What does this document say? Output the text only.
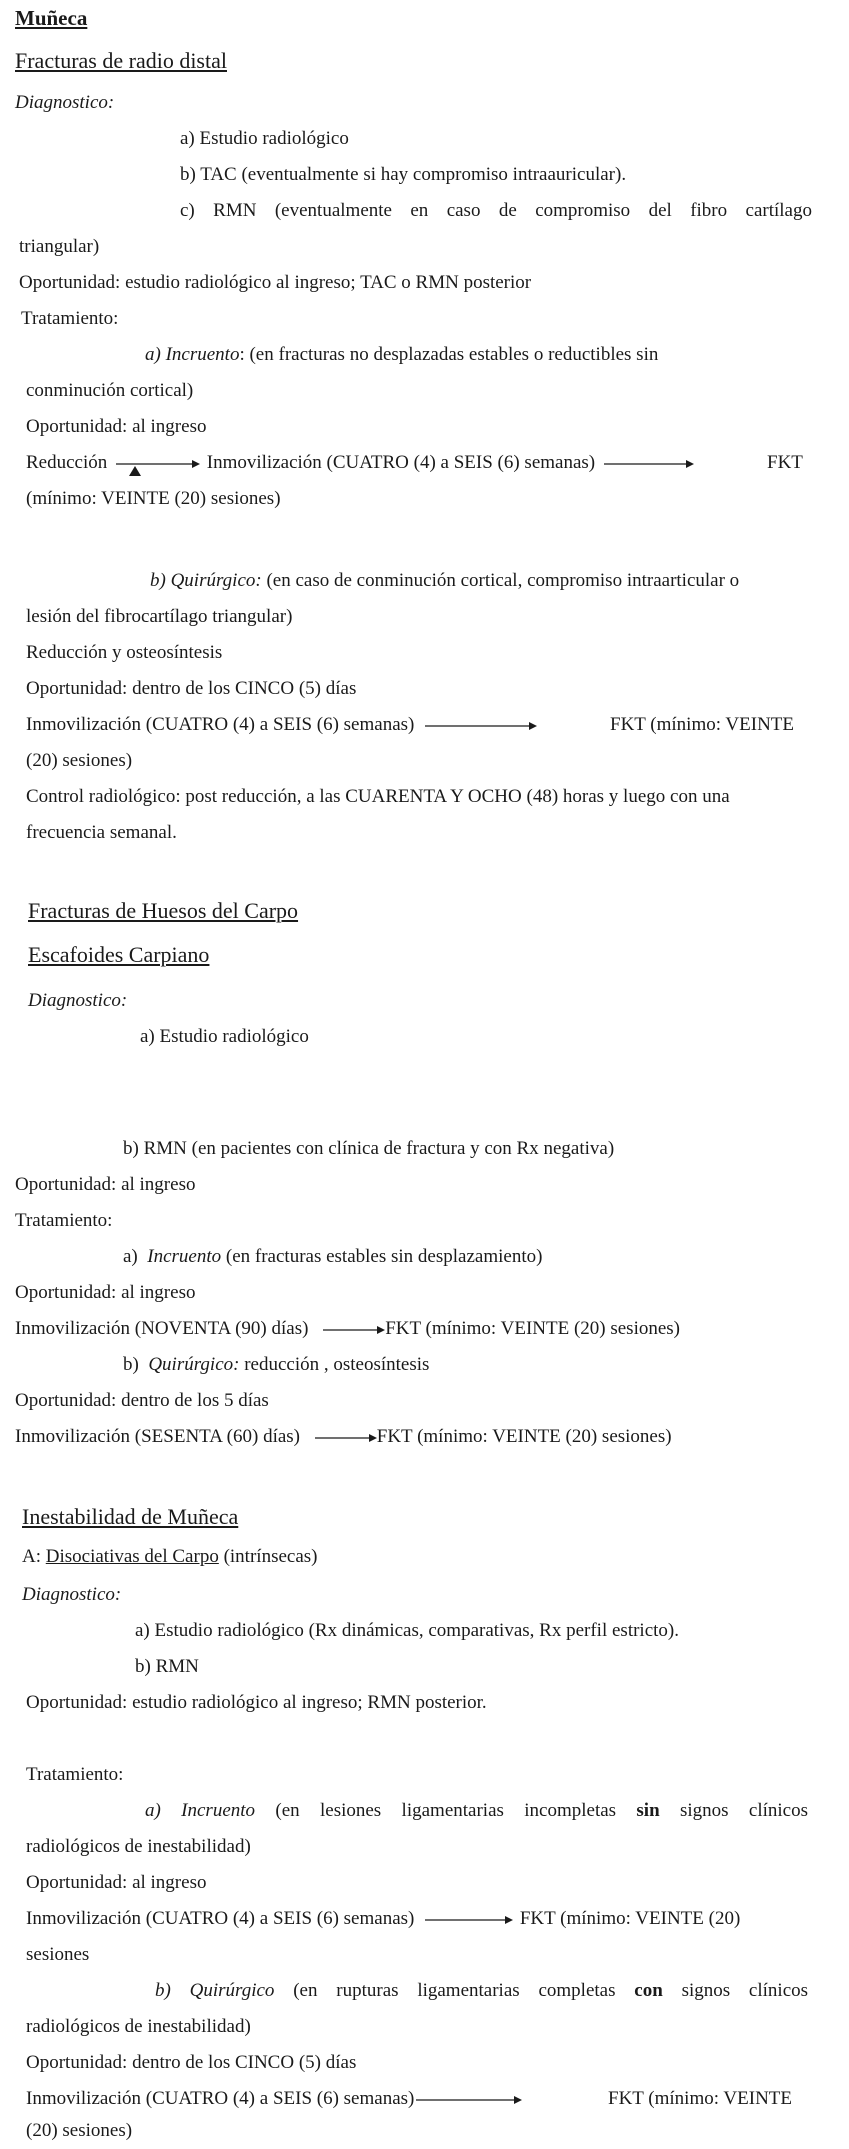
Muñeca
Fracturas de radio distal
Diagnostico:
a) Estudio radiológico
b) TAC (eventualmente si hay compromiso intraauricular).
c) RMN (eventualmente en caso de compromiso del fibro cartílago
triangular)
Oportunidad: estudio radiológico al ingreso; TAC o RMN posterior
Tratamiento:
a) Incruento: (en fracturas no desplazadas estables o reductibles sin
conminución cortical)
Oportunidad: al ingreso
Reducción	Inmovilización (CUATRO (4) a SEIS (6) semanas)	FKT
(mínimo: VEINTE (20) sesiones)
b) Quirúrgico: (en caso de conminución cortical, compromiso intraarticular o
lesión del fibrocartílago triangular)
Reducción y osteosíntesis
Oportunidad: dentro de los CINCO (5) días
Inmovilización (CUATRO (4) a SEIS (6) semanas)	FKT (mínimo: VEINTE
(20) sesiones)
Control radiológico: post reducción, a las CUARENTA Y OCHO (48) horas y luego con una
frecuencia semanal.
Fracturas de Huesos del Carpo
Escafoides Carpiano
Diagnostico:
a) Estudio radiológico
b) RMN (en pacientes con clínica de fractura y con Rx negativa)
Oportunidad: al ingreso
Tratamiento:
a) Incruento (en fracturas estables sin desplazamiento)
Oportunidad: al ingreso
Inmovilización (NOVENTA (90) días)	FKT (mínimo: VEINTE (20) sesiones)
b) Quirúrgico: reducción , osteosíntesis
Oportunidad: dentro de los 5 días
Inmovilización (SESENTA (60) días)	FKT (mínimo: VEINTE (20) sesiones)
Inestabilidad de Muñeca
A: Disociativas del Carpo (intrínsecas)
Diagnostico:
a) Estudio radiológico (Rx dinámicas, comparativas, Rx perfil estricto).
b) RMN
Oportunidad: estudio radiológico al ingreso; RMN posterior.
Tratamiento:
a) Incruento (en lesiones ligamentarias incompletas sin signos clínicos
radiológicos de inestabilidad)
Oportunidad: al ingreso
Inmovilización (CUATRO (4) a SEIS (6) semanas)	FKT (mínimo: VEINTE (20)
sesiones
b) Quirúrgico (en rupturas ligamentarias completas con signos clínicos
radiológicos de inestabilidad)
Oportunidad: dentro de los CINCO (5) días
Inmovilización (CUATRO (4) a SEIS (6) semanas)	FKT (mínimo: VEINTE
(20) sesiones)
